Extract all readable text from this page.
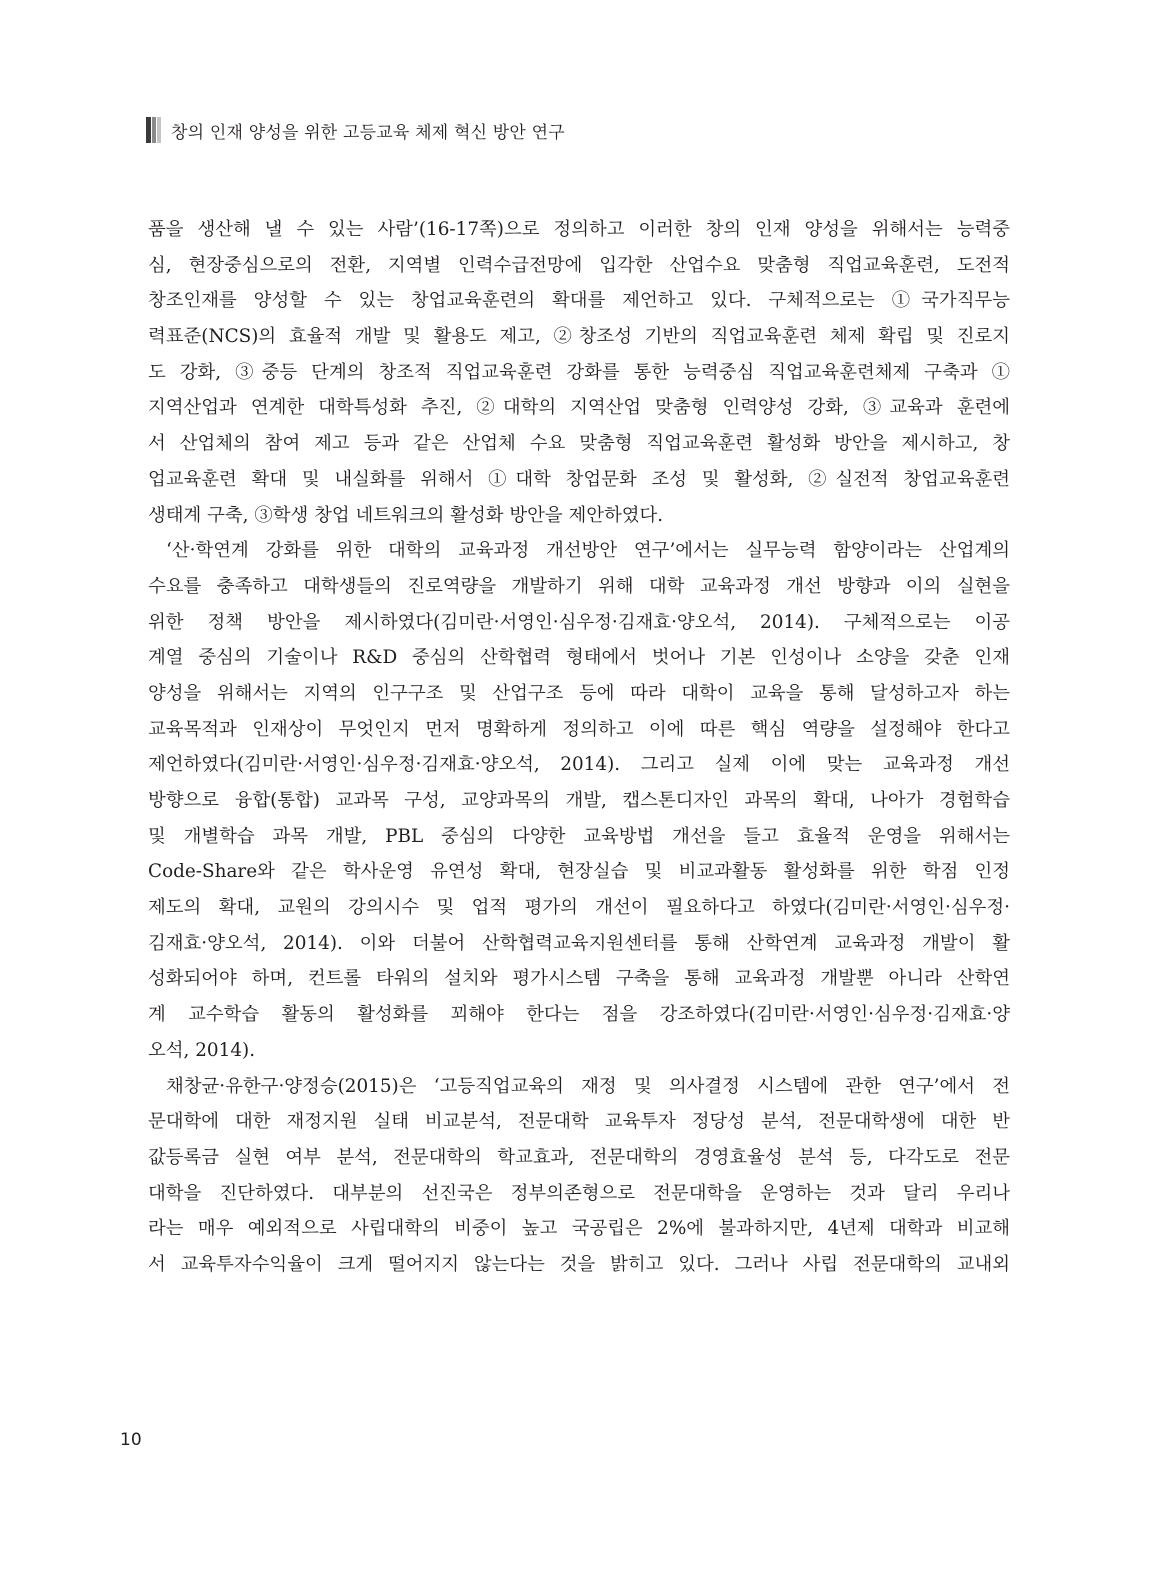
창의 인재 양성을 위한 고등교육 체제 혁신 방안 연구
품을 생산해 낼 수 있는 사람’(16-17쪽)으로 정의하고 이러한 창의 인재 양성을 위해서는 능력중
심, 현장중심으로의 전환, 지역별 인력수급전망에 입각한 산업수요 맞춤형 직업교육훈련, 도전적
창조인재를 양성할 수 있는 창업교육훈련의 확대를 제언하고 있다. 구체적으로는 ①국가직무능
력표준(NCS)의 효율적 개발 및 활용도 제고, ②창조성 기반의 직업교육훈련 체제 확립 및 진로지
도 강화, ③중등 단계의 창조적 직업교육훈련 강화를 통한 능력중심 직업교육훈련체제 구축과 ①
지역산업과 연계한 대학특성화 추진, ②대학의 지역산업 맞춤형 인력양성 강화, ③교육과 훈련에
서 산업체의 참여 제고 등과 같은 산업체 수요 맞춤형 직업교육훈련 활성화 방안을 제시하고, 창
업교육훈련 확대 및 내실화를 위해서 ①대학 창업문화 조성 및 활성화, ②실전적 창업교육훈련
생태계 구축, ③학생 창업 네트워크의 활성화 방안을 제안하였다.
‘산·학연계 강화를 위한 대학의 교육과정 개선방안 연구’에서는 실무능력 함양이라는 산업계의
수요를 충족하고 대학생들의 진로역량을 개발하기 위해 대학 교육과정 개선 방향과 이의 실현을
위한 정책 방안을 제시하였다(김미란·서영인·심우정·김재효·양오석, 2014). 구체적으로는 이공
계열 중심의 기술이나 R&D 중심의 산학협력 형태에서 벗어나 기본 인성이나 소양을 갖춘 인재
양성을 위해서는 지역의 인구구조 및 산업구조 등에 따라 대학이 교육을 통해 달성하고자 하는
교육목적과 인재상이 무엇인지 먼저 명확하게 정의하고 이에 따른 핵심 역량을 설정해야 한다고
제언하였다(김미란·서영인·심우정·김재효·양오석, 2014). 그리고 실제 이에 맞는 교육과정 개선
방향으로 융합(통합) 교과목 구성, 교양과목의 개발, 캡스톤디자인 과목의 확대, 나아가 경험학습
및 개별학습 과목 개발, PBL 중심의 다양한 교육방법 개선을 들고 효율적 운영을 위해서는
Code-Share와 같은 학사운영 유연성 확대, 현장실습 및 비교과활동 활성화를 위한 학점 인정
제도의 확대, 교원의 강의시수 및 업적 평가의 개선이 필요하다고 하였다(김미란·서영인·심우정·
김재효·양오석, 2014). 이와 더불어 산학협력교육지원센터를 통해 산학연계 교육과정 개발이 활
성화되어야 하며, 컨트롤 타워의 설치와 평가시스템 구축을 통해 교육과정 개발뿐 아니라 산학연
계 교수학습 활동의 활성화를 꾀해야 한다는 점을 강조하였다(김미란·서영인·심우정·김재효·양
오석, 2014).
채창균·유한구·양정승(2015)은 ‘고등직업교육의 재정 및 의사결정 시스템에 관한 연구’에서 전
문대학에 대한 재정지원 실태 비교분석, 전문대학 교육투자 정당성 분석, 전문대학생에 대한 반
값등록금 실현 여부 분석, 전문대학의 학교효과, 전문대학의 경영효율성 분석 등, 다각도로 전문
대학을 진단하였다. 대부분의 선진국은 정부의존형으로 전문대학을 운영하는 것과 달리 우리나
라는 매우 예외적으로 사립대학의 비중이 높고 국공립은 2%에 불과하지만, 4년제 대학과 비교해
서 교육투자수익율이 크게 떨어지지 않는다는 것을 밝히고 있다. 그러나 사립 전문대학의 교내외
10
